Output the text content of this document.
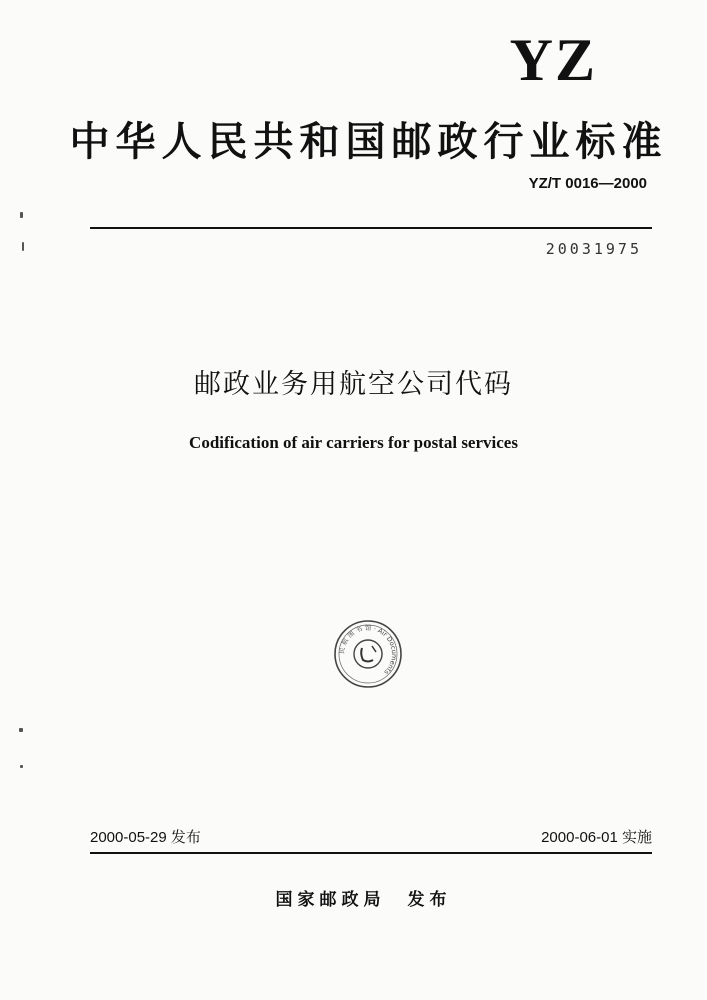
YZ
中华人民共和国邮政行业标准
YZ/T 0016—2000
20031975
邮政业务用航空公司代码
Codification of air carriers for postal services
民 航 图 书 馆 · Air Documents
2000-05-29 发布	2000-06-01 实施
国家邮政局　发布
